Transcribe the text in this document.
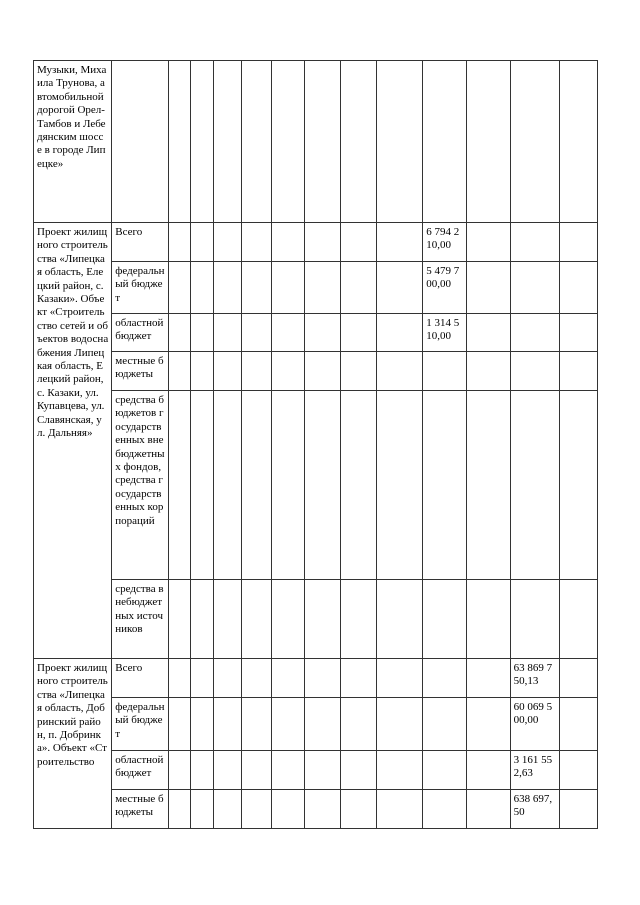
Музыки, Михаила Трунова, автомобильной дорогой Орел-Тамбов и Лебедянским шоссе в городе Липецке»													
Проект жилищного строительства «Липецкая область, Елецкий район, с. Казаки». Объект «Строительство сетей и объектов водоснабжения Липецкая область, Елецкий район, с. Казаки, ул. Купавцева, ул. Славянская, ул. Дальняя»	Всего									6 794 210,00			
	федеральный бюджет									5 479 700,00			
	областной бюджет									1 314 510,00			
	местные бюджеты												
	средства бюджетов государственных внебюджетных фондов, средства государственных корпораций												
	средства внебюджетных источников												
Проект жилищного строительства «Липецкая область, Добринский район, п. Добринка». Объект «Строительство	Всего											63 869 750,13	
	федеральный бюджет											60 069 500,00	
	областной бюджет											3 161 552,63	
	местные бюджеты											638 697,50	
